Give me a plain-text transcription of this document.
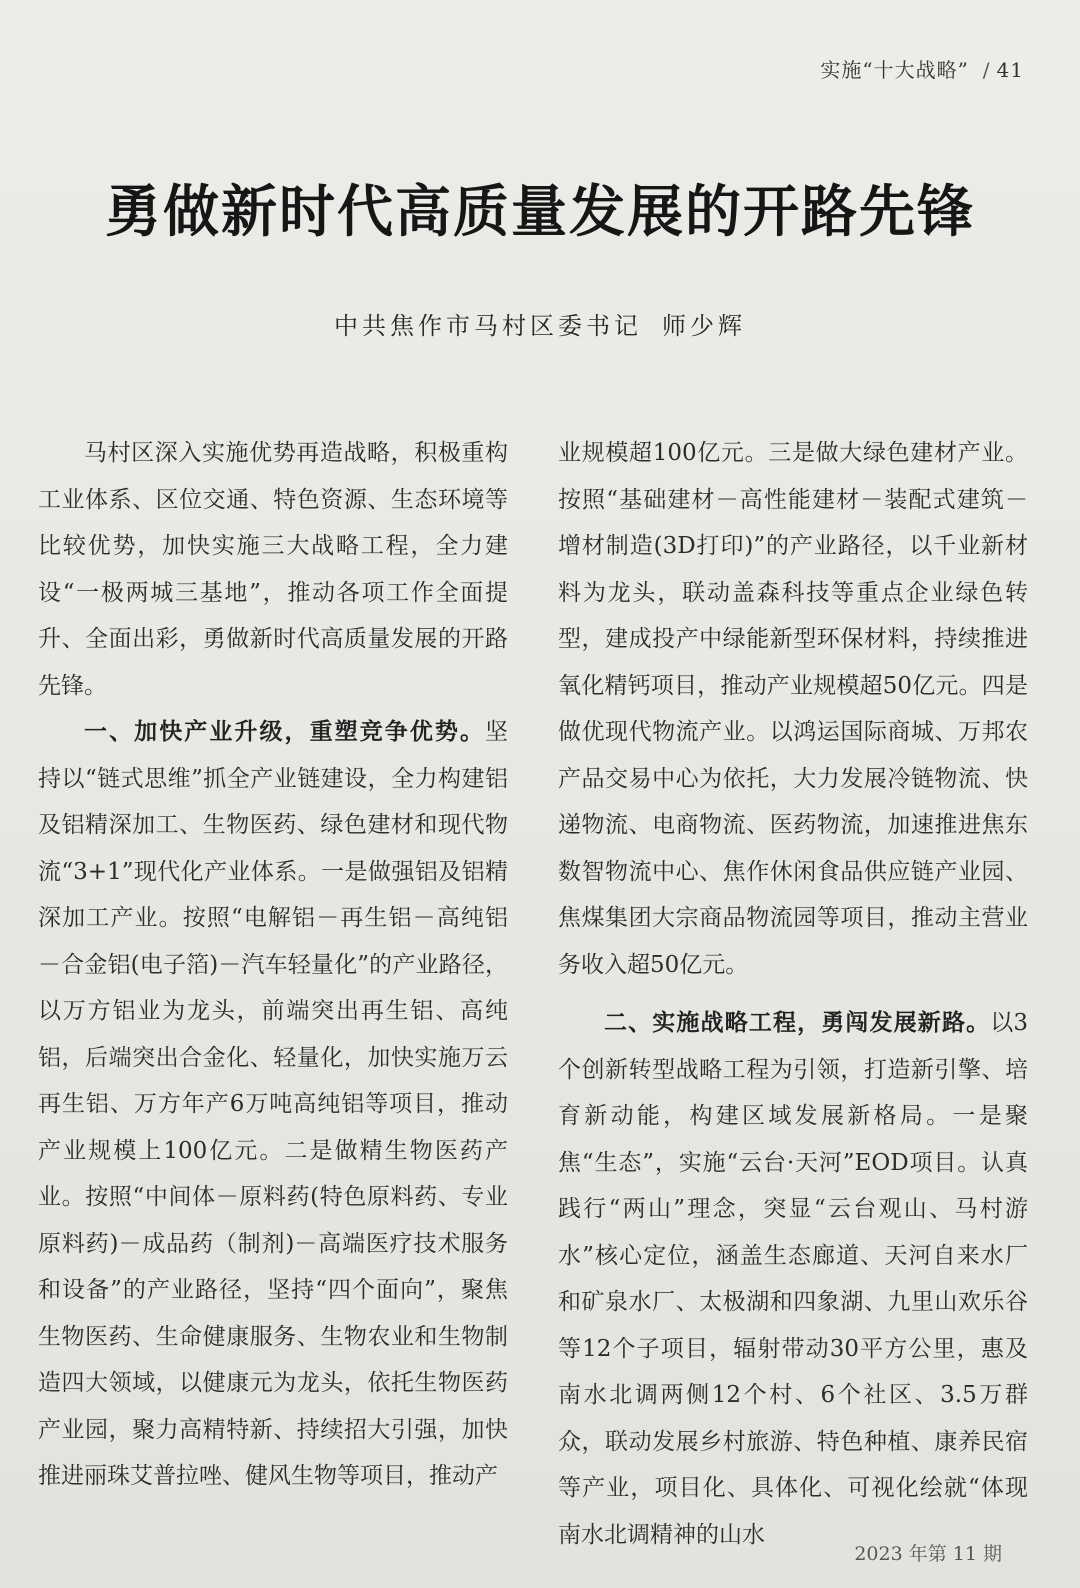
实施“十大战略” / 41
勇做新时代高质量发展的开路先锋
中共焦作市马村区委书记 师少辉

马村区深入实施优势再造战略，积极重构工业体系、区位交通、特色资源、生态环境等比较优势，加快实施三大战略工程，全力建设“一极两城三基地”，推动各项工作全面提升、全面出彩，勇做新时代高质量发展的开路先锋。

一、加快产业升级，重塑竞争优势。坚持以“链式思维”抓全产业链建设，全力构建铝及铝精深加工、生物医药、绿色建材和现代物流“3+1”现代化产业体系。一是做强铝及铝精深加工产业。按照“电解铝－再生铝－高纯铝－合金铝(电子箔)－汽车轻量化”的产业路径，以万方铝业为龙头，前端突出再生铝、高纯铝，后端突出合金化、轻量化，加快实施万云再生铝、万方年产6万吨高纯铝等项目，推动产业规模上100亿元。二是做精生物医药产业。按照“中间体－原料药(特色原料药、专业原料药)－成品药（制剂)－高端医疗技术服务和设备”的产业路径，坚持“四个面向”，聚焦生物医药、生命健康服务、生物农业和生物制造四大领域，以健康元为龙头，依托生物医药产业园，聚力高精特新、持续招大引强，加快推进丽珠艾普拉唑、健风生物等项目，推动产

业规模超100亿元。三是做大绿色建材产业。按照“基础建材－高性能建材－装配式建筑－增材制造(3D打印)”的产业路径，以千业新材料为龙头，联动盖森科技等重点企业绿色转型，建成投产中绿能新型环保材料，持续推进氧化精钙项目，推动产业规模超50亿元。四是做优现代物流产业。以鸿运国际商城、万邦农产品交易中心为依托，大力发展冷链物流、快递物流、电商物流、医药物流，加速推进焦东数智物流中心、焦作休闲食品供应链产业园、焦煤集团大宗商品物流园等项目，推动主营业务收入超50亿元。

二、实施战略工程，勇闯发展新路。以3个创新转型战略工程为引领，打造新引擎、培育新动能，构建区域发展新格局。一是聚焦“生态”，实施“云台·天河”EOD项目。认真践行“两山”理念，突显“云台观山、马村游水”核心定位，涵盖生态廊道、天河自来水厂和矿泉水厂、太极湖和四象湖、九里山欢乐谷等12个子项目，辐射带动30平方公里，惠及南水北调两侧12个村、6个社区、3.5万群众，联动发展乡村旅游、特色种植、康养民宿等产业，项目化、具体化、可视化绘就“体现南水北调精神的山水

2023 年第 11 期
